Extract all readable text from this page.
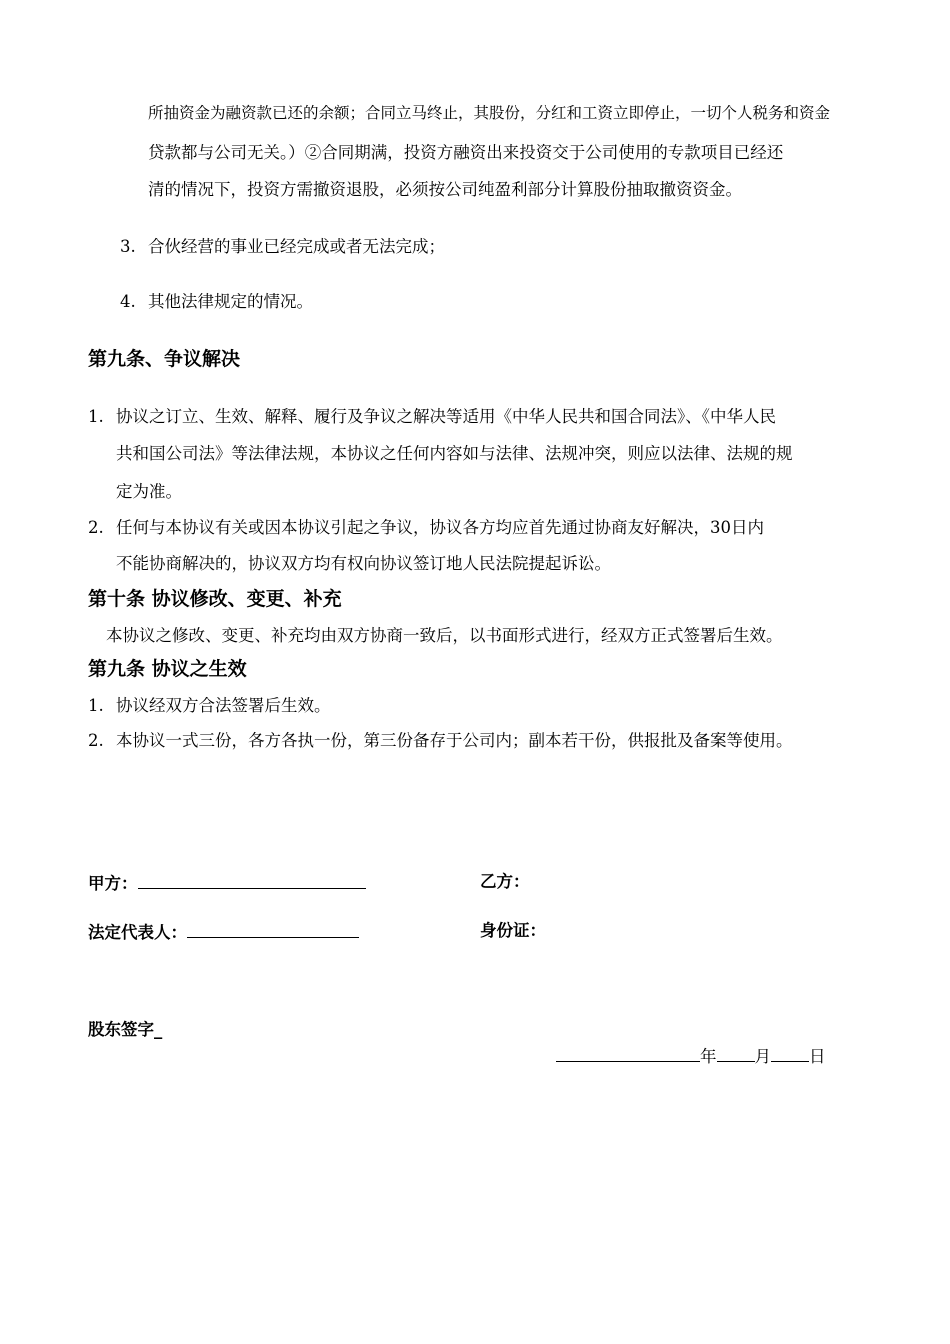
所抽资金为融资款已还的余额；合同立马终止，其股份，分红和工资立即停止，一切个人税务和资金
贷款都与公司无关。）②合同期满，投资方融资出来投资交于公司使用的专款项目已经还
清的情况下，投资方需撤资退股，必须按公司纯盈利部分计算股份抽取撤资资金。
3. 合伙经营的事业已经完成或者无法完成；
4. 其他法律规定的情况。
第九条、争议解决
1. 协议之订立、生效、解释、履行及争议之解决等适用《中华人民共和国合同法》、《中华人民
共和国公司法》等法律法规，本协议之任何内容如与法律、法规冲突，则应以法律、法规的规
定为准。
2. 任何与本协议有关或因本协议引起之争议，协议各方均应首先通过协商友好解决，30日内
不能协商解决的，协议双方均有权向协议签订地人民法院提起诉讼。
第十条 协议修改、变更、补充
本协议之修改、变更、补充均由双方协商一致后，以书面形式进行，经双方正式签署后生效。
第九条 协议之生效
1. 协议经双方合法签署后生效。
2. 本协议一式三份，各方各执一份，第三份备存于公司内；副本若干份，供报批及备案等使用。
甲方：	乙方：
法定代表人：	身份证：
股东签字_
年 月 日
